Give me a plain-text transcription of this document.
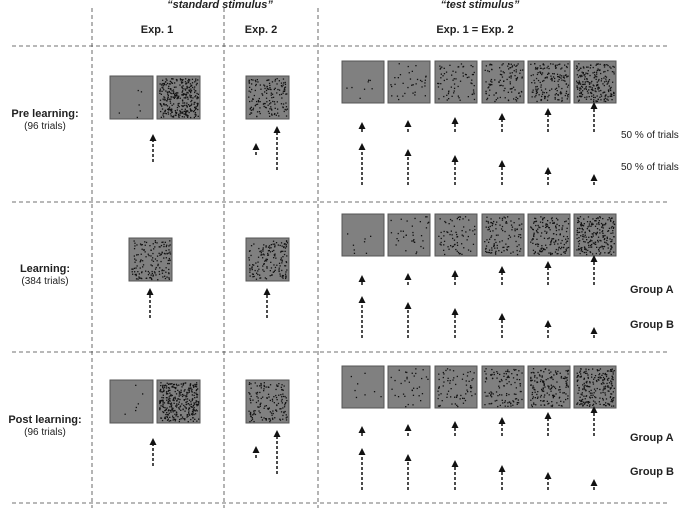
“standard stimulus”	“test stimulus”
Exp. 1	Exp. 2	Exp. 1 = Exp. 2
Pre learning:
(96 trials)
Learning:
(384 trials)
Post learning:
(96 trials)
50 % of trials
50 % of trials
Group A
Group B
Group A
Group B
